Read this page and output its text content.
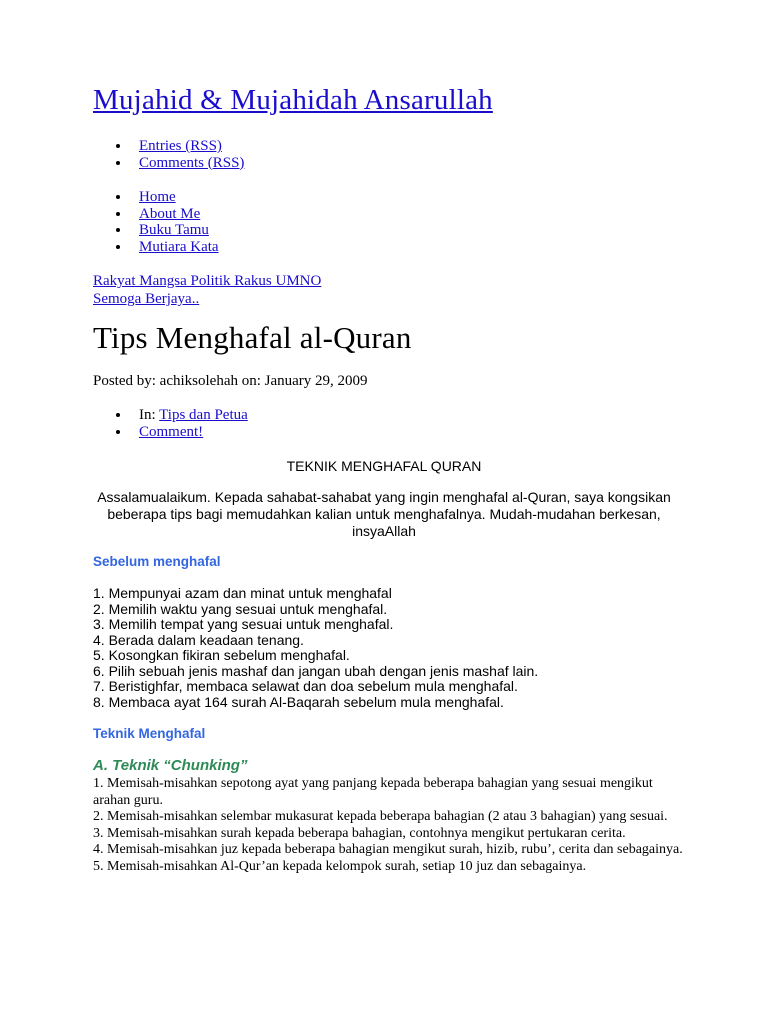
Mujahid & Mujahidah Ansarullah
Entries (RSS)
Comments (RSS)
Home
About Me
Buku Tamu
Mutiara Kata
Rakyat Mangsa Politik Rakus UMNO
Semoga Berjaya..
Tips Menghafal al-Quran
Posted by: achiksolehah on: January 29, 2009
In: Tips dan Petua
Comment!
TEKNIK MENGHAFAL QURAN
Assalamualaikum. Kepada sahabat-sahabat yang ingin menghafal al-Quran, saya kongsikan beberapa tips bagi memudahkan kalian untuk menghafalnya. Mudah-mudahan berkesan, insyaAllah
Sebelum menghafal
1. Mempunyai azam dan minat untuk menghafal
2. Memilih waktu yang sesuai untuk menghafal.
3. Memilih tempat yang sesuai untuk menghafal.
4. Berada dalam keadaan tenang.
5. Kosongkan fikiran sebelum menghafal.
6. Pilih sebuah jenis mashaf dan jangan ubah dengan jenis mashaf lain.
7. Beristighfar, membaca selawat dan doa sebelum mula menghafal.
8. Membaca ayat 164 surah Al-Baqarah sebelum mula menghafal.
Teknik Menghafal
A. Teknik “Chunking”
1. Memisah-misahkan sepotong ayat yang panjang kepada beberapa bahagian yang sesuai mengikut arahan guru.
2. Memisah-misahkan selembar mukasurat kepada beberapa bahagian (2 atau 3 bahagian) yang sesuai.
3. Memisah-misahkan surah kepada beberapa bahagian, contohnya mengikut pertukaran cerita.
4. Memisah-misahkan juz kepada beberapa bahagian mengikut surah, hizib, rubu’, cerita dan sebagainya.
5. Memisah-misahkan Al-Qur’an kepada kelompok surah, setiap 10 juz dan sebagainya.
